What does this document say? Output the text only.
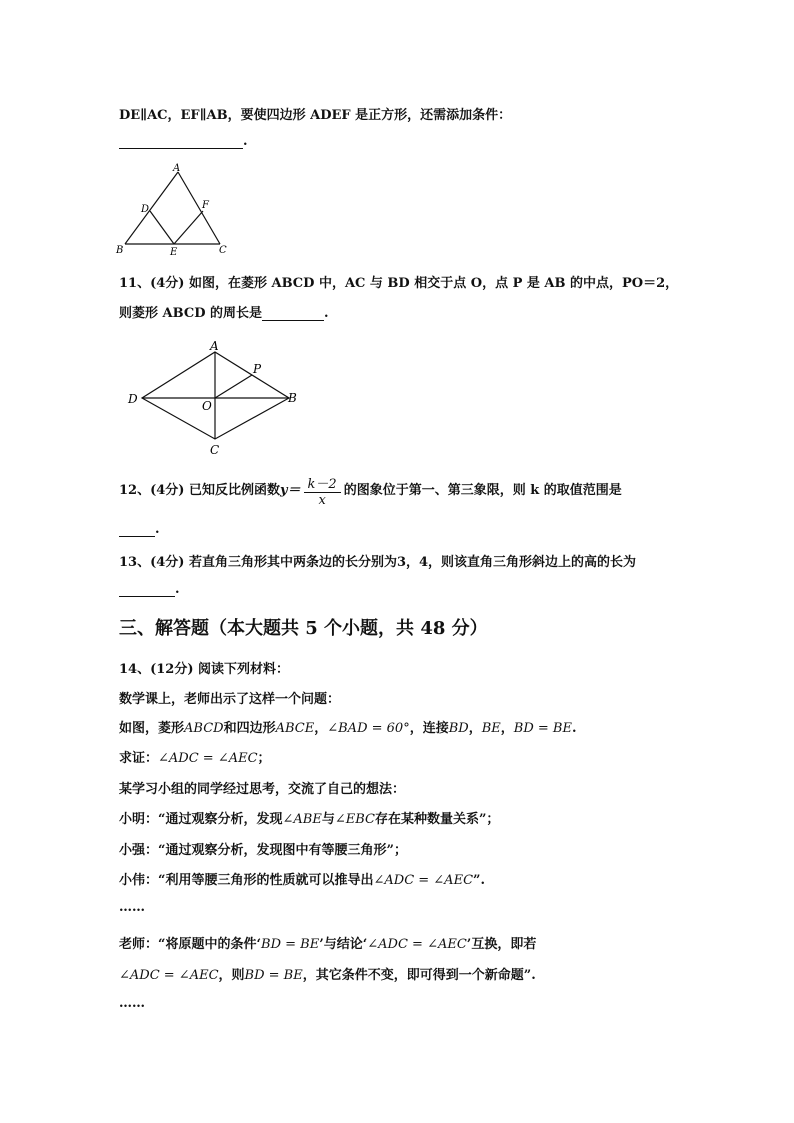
DE∥AC，EF∥AB，要使四边形 ADEF 是正方形，还需添加条件：
.
A
B	C
D
E
F
11、(4分) 如图，在菱形 ABCD 中，AC 与 BD 相交于点 O，点 P 是 AB 的中点，PO＝2，
则菱形 ABCD 的周长是	.
A
B
C
D	O
P
12、(4分) 已知反比例函数$y= \frac{k-2}{x}$ 的图象位于第一、第三象限，则 k 的取值范围是
.
13、(4分) 若直角三角形其中两条边的长分别为3，4，则该直角三角形斜边上的高的长为
.
三、解答题（本大题共 5 个小题，共 48 分）
14、(12分) 阅读下列材料：
数学课上，老师出示了这样一个问题：
如图，菱形ABCD和四边形ABCE，∠BAD = 60°，连接BD，BE，BD = BE.
求证：∠ADC = ∠AEC；
某学习小组的同学经过思考，交流了自己的想法：
小明：“通过观察分析，发现∠ABE与∠EBC存在某种数量关系”；
小强：“通过观察分析，发现图中有等腰三角形”；
小伟：“利用等腰三角形的性质就可以推导出∠ADC = ∠AEC”.
……
老师：“将原题中的条件‘BD = BE’与结论‘∠ADC = ∠AEC’互换，即若
∠ADC = ∠AEC，则BD = BE，其它条件不变，即可得到一个新命题”.
……
